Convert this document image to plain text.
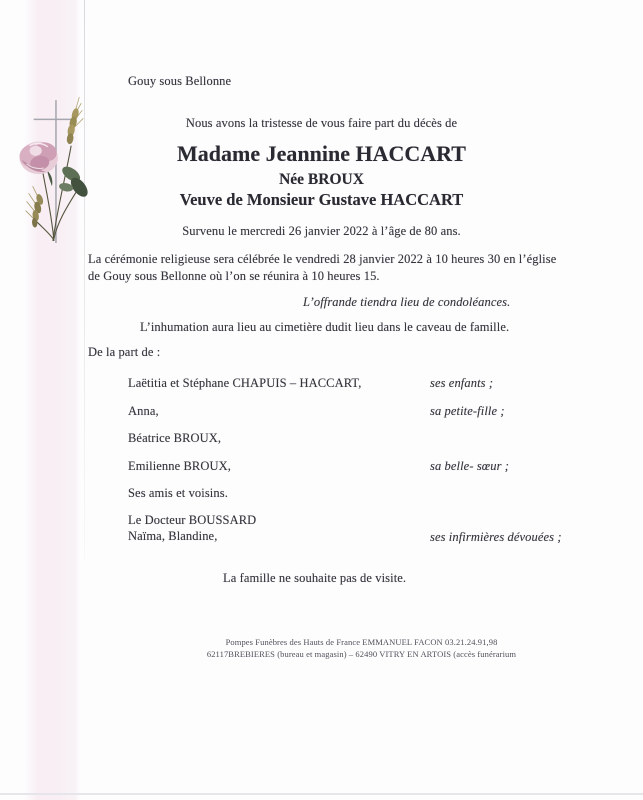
Gouy sous Bellonne
Nous avons la tristesse de vous faire part du décès de
Madame Jeannine HACCART
Née BROUX
Veuve de Monsieur Gustave HACCART
Survenu le mercredi 26 janvier 2022 à l’âge de 80 ans.
La cérémonie religieuse sera célébrée le vendredi 28 janvier 2022 à 10 heures 30 en l’église
de Gouy sous Bellonne où l’on se réunira à 10 heures 15.
L’offrande tiendra lieu de condoléances.
L’inhumation aura lieu au cimetière dudit lieu dans le caveau de famille.
De la part de :
Laëtitia et Stéphane CHAPUIS – HACCART,	ses enfants ;
Anna,	sa petite-fille ;
Béatrice BROUX,
Emilienne BROUX,	sa belle- sœur ;
Ses amis et voisins.
Le Docteur BOUSSARD
Naïma, Blandine,	ses infirmières dévouées ;
La famille ne souhaite pas de visite.
Pompes Funèbres des Hauts de France EMMANUEL FACON 03.21.24.91,98
62117BREBIERES (bureau et magasin) – 62490 VITRY EN ARTOIS (accès funérarium
